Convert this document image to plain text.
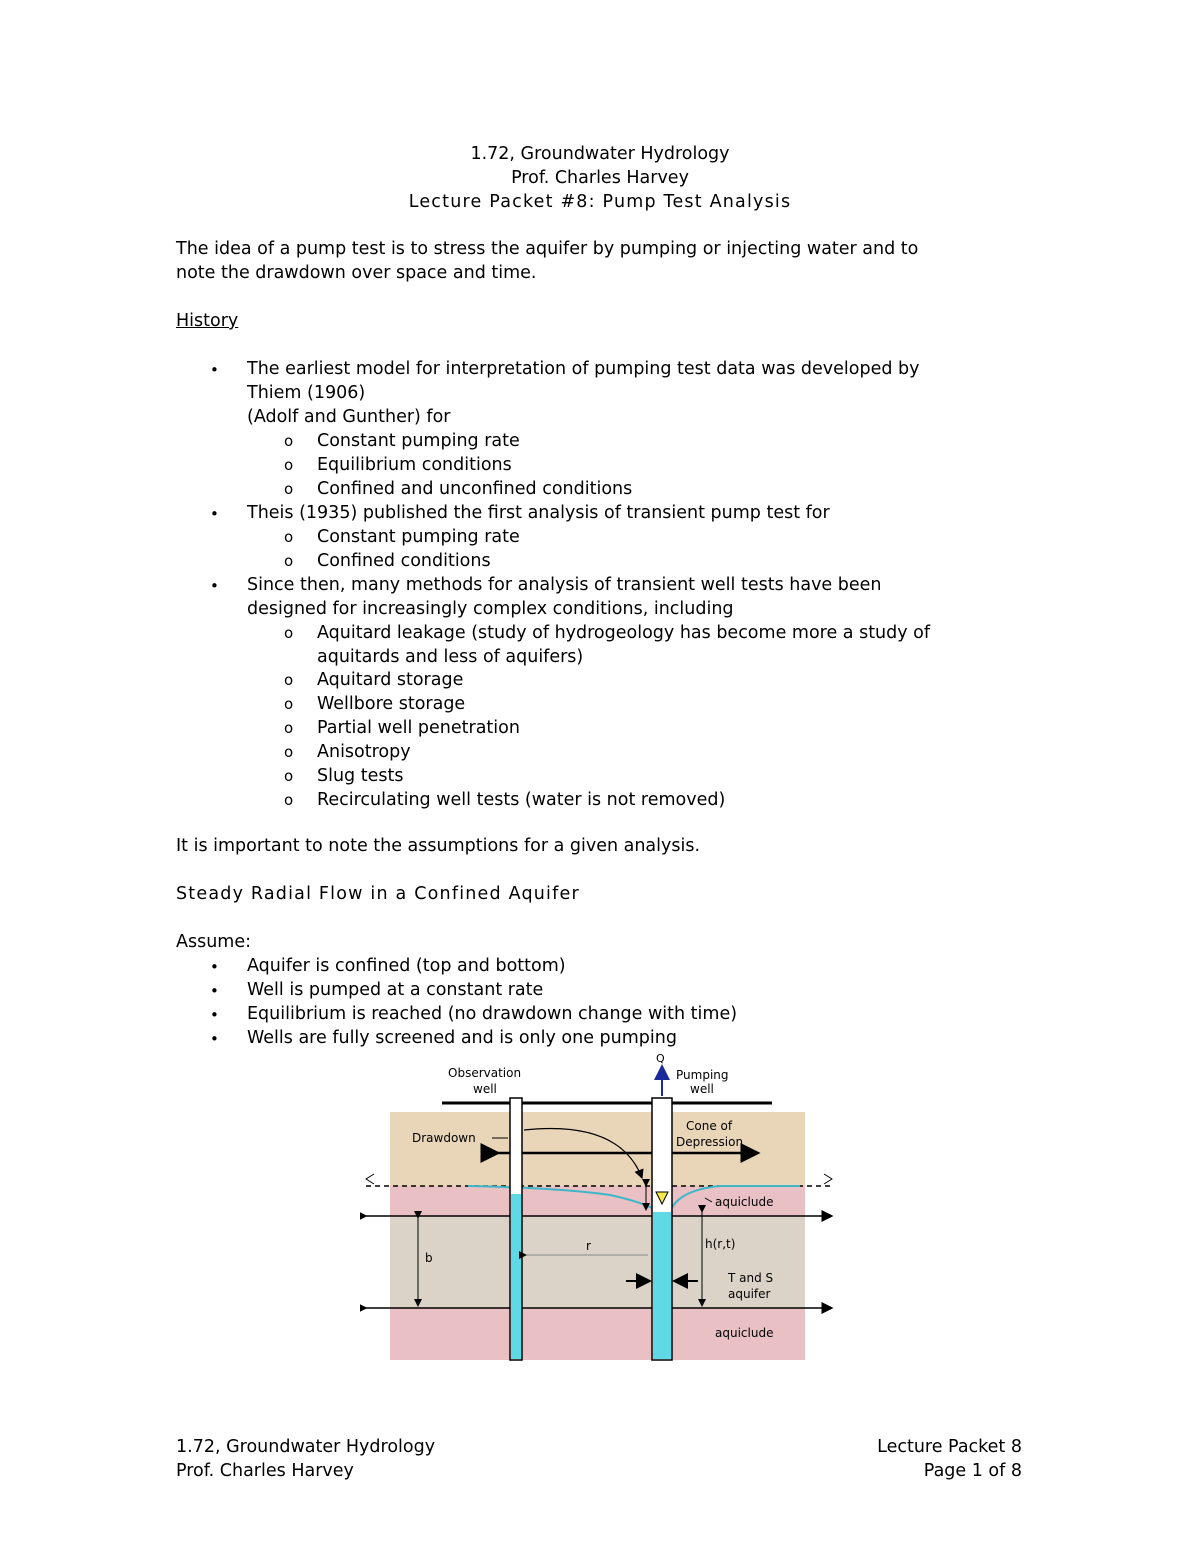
1.72, Groundwater Hydrology
Prof. Charles Harvey
Lecture Packet #8: Pump Test Analysis
The idea of a pump test is to stress the aquifer by pumping or injecting water and to
note the drawdown over space and time.
History
• The earliest model for interpretation of pumping test data was developed by
Thiem (1906)
(Adolf and Gunther) for
o Constant pumping rate
o Equilibrium conditions
o Confined and unconfined conditions
• Theis (1935) published the first analysis of transient pump test for
o Constant pumping rate
o Confined conditions
• Since then, many methods for analysis of transient well tests have been
designed for increasingly complex conditions, including
o Aquitard leakage (study of hydrogeology has become more a study of
aquitards and less of aquifers)
o Aquitard storage
o Wellbore storage
o Partial well penetration
o Anisotropy
o Slug tests
o Recirculating well tests (water is not removed)
It is important to note the assumptions for a given analysis.
Steady Radial Flow in a Confined Aquifer
Assume:
• Aquifer is confined (top and bottom)
• Well is pumped at a constant rate
• Equilibrium is reached (no drawdown change with time)
• Wells are fully screened and is only one pumping
Q
Observation
well
Pumping
well
Drawdown
Cone of
Depression
aquiclude
aquiclude
b
r	h(r,t)
T and S
aquifer
1.72, Groundwater Hydrology
Prof. Charles Harvey
Lecture Packet 8
Page 1 of 8
